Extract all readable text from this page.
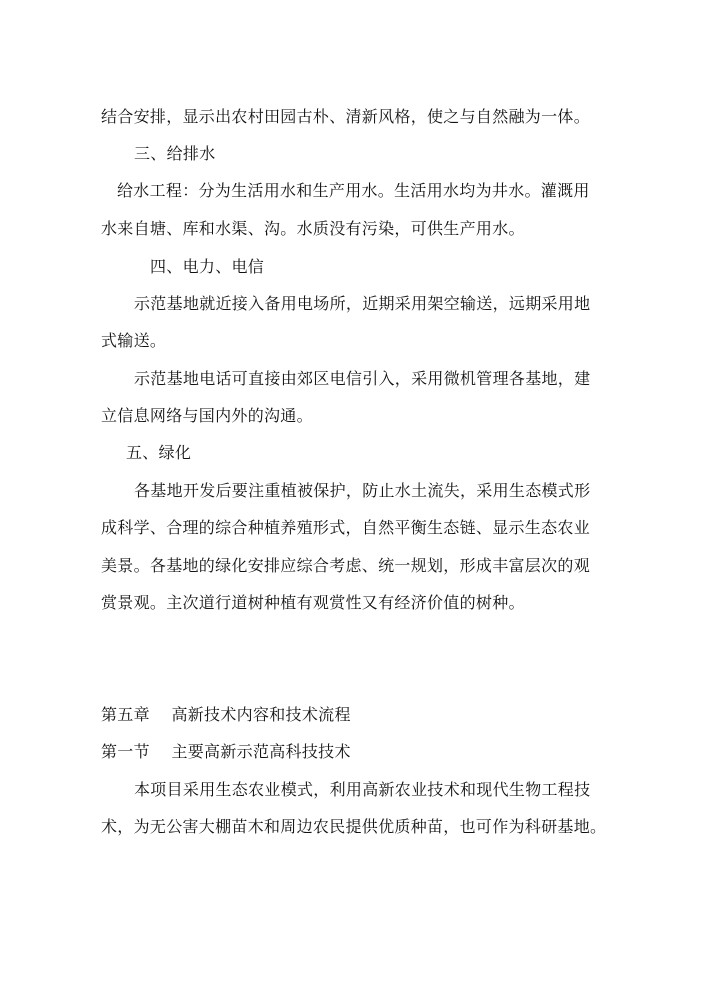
结合安排，显示出农村田园古朴、清新风格，使之与自然融为一体。
三、给排水
给水工程：分为生活用水和生产用水。生活用水均为井水。灌溉用
水来自塘、库和水渠、沟。水质没有污染，可供生产用水。
四、电力、电信
示范基地就近接入备用电场所，近期采用架空输送，远期采用地
式输送。
示范基地电话可直接由郊区电信引入，采用微机管理各基地，建
立信息网络与国内外的沟通。
五、绿化
各基地开发后要注重植被保护，防止水土流失，采用生态模式形
成科学、合理的综合种植养殖形式，自然平衡生态链、显示生态农业
美景。各基地的绿化安排应综合考虑、统一规划，形成丰富层次的观
赏景观。主次道行道树种植有观赏性又有经济价值的树种。
第五章    高新技术内容和技术流程
第一节    主要高新示范高科技技术
本项目采用生态农业模式，利用高新农业技术和现代生物工程技
术，为无公害大棚苗木和周边农民提供优质种苗，也可作为科研基地。
